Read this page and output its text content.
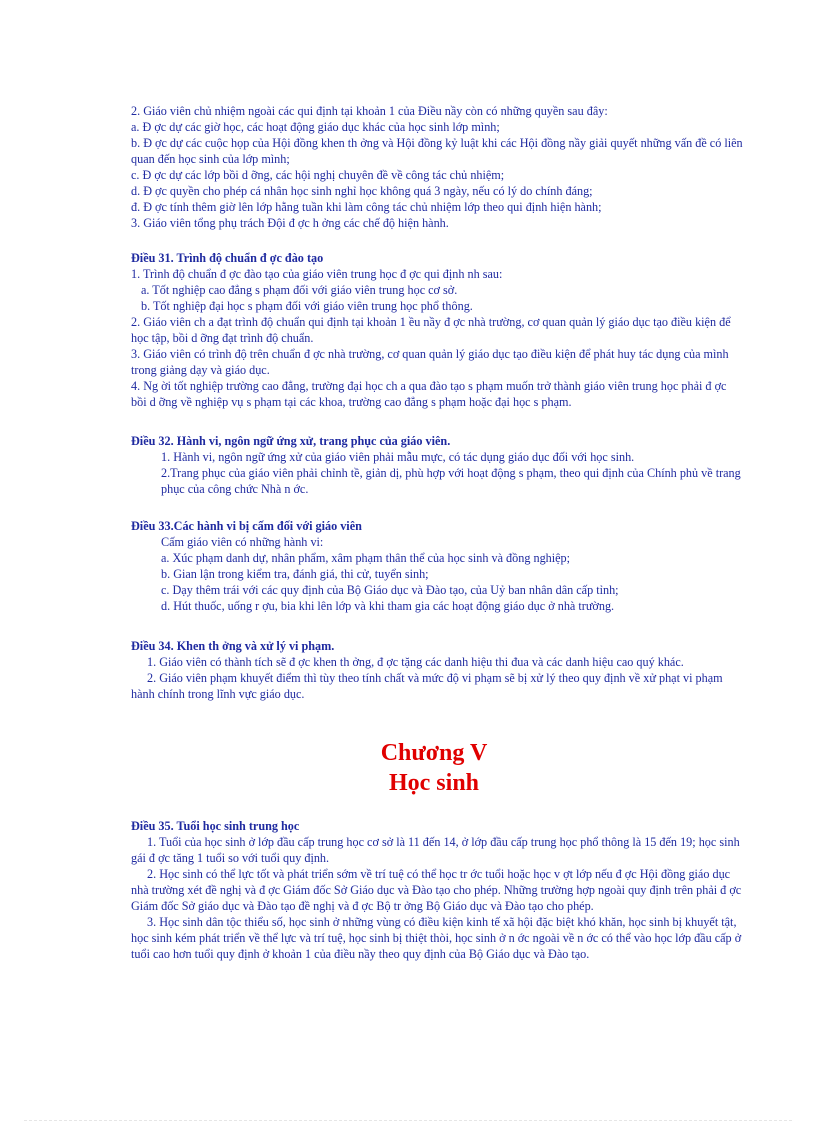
2. Giáo viên chủ nhiệm ngoài các qui định tại khoản 1 của Điều nầy còn có những quyền sau đây:
a. Đ ợc dự các giờ học, các hoạt động giáo dục khác của học sinh lớp mình;
b. Đ ợc dự các cuộc họp của Hội đồng khen th ởng và Hội đồng kỷ luật khi các Hội đồng nầy giải quyết những vấn đề có liên quan đến học sinh của lớp mình;
c. Đ ợc dự các lớp bồi d ỡng, các hội nghị chuyên đề về công tác chủ nhiệm;
d. Đ ợc quyền cho phép cá nhân học sinh nghỉ học không quá 3 ngày, nếu có lý do chính đáng;
đ. Đ ợc tính thêm giờ lên lớp hằng tuần khi làm công tác chủ nhiệm lớp theo qui định hiện hành;
3. Giáo viên tổng phụ trách Đội đ ợc h ởng các chế độ hiện hành.
Điều 31. Trình độ chuẩn đ ợc đào tạo
1. Trình độ chuẩn đ ợc đào tạo của giáo viên trung học đ ợc qui định nh sau:
a. Tốt nghiệp cao đẳng s phạm đối với giáo viên trung học cơ sở.
b. Tốt nghiệp đại học s phạm đối với giáo viên trung học phổ thông.
2. Giáo viên ch a đạt trình độ chuẩn qui định tại khoản 1 ều nầy đ ợc nhà trường, cơ quan quản lý giáo dục tạo điều kiện để học tập, bồi d ỡng đạt trình độ chuẩn.
3. Giáo viên có trình độ trên chuẩn đ ợc nhà trường, cơ quan quản lý giáo dục tạo điều kiện để phát huy tác dụng của mình trong giảng dạy và giáo dục.
4. Ng ời tốt nghiệp trường cao đẳng, trường đại học ch a qua đào tạo s phạm muốn trở thành giáo viên trung học phải đ ợc bồi d ỡng về nghiệp vụ s phạm tại các khoa, trường cao đẳng s phạm hoặc đại học s phạm.
Điều 32. Hành vi, ngôn ngữ ứng xử, trang phục của giáo viên.
1. Hành vi, ngôn ngữ ứng xử của giáo viên phải mẫu mực, có tác dụng giáo dục đối với học sinh.
2.Trang phục của giáo viên phải chỉnh tề, giản dị, phù hợp với hoạt động s phạm, theo qui định của Chính phủ về trang phục của công chức Nhà n ớc.
Điều 33.Các hành vi bị cấm đối với giáo viên
Cấm giáo viên có những hành vi:
a. Xúc phạm danh dự, nhân phẩm, xâm phạm thân thể của học sinh và đồng nghiệp;
b. Gian lận trong kiểm tra, đánh giá, thi cử, tuyển sinh;
c. Dạy thêm trái với các quy định của Bộ Giáo dục và Đào tạo, của Uỷ ban nhân dân cấp tỉnh;
d. Hút thuốc, uống r ợu, bia khi lên lớp và khi tham gia các hoạt động giáo dục ở nhà trường.
Điều 34. Khen th ởng và xử lý vi phạm.
1. Giáo viên có thành tích sẽ đ ợc khen th ởng, đ ợc tặng các danh hiệu thi đua và các danh hiệu cao quý khác.
2. Giáo viên phạm khuyết điểm thì tùy theo tính chất và mức độ vi phạm sẽ bị xử lý theo quy định về xử phạt vi phạm hành chính trong lĩnh vực giáo dục.
Chương V
Học sinh
Điều 35. Tuổi học sinh trung học
1. Tuổi của học sinh ở lớp đầu cấp trung học cơ sở là 11 đến 14, ở lớp đầu cấp trung học phổ thông là 15 đến 19; học sinh gái đ ợc tăng 1 tuổi so với tuổi quy định.
2. Học sinh có thể lực tốt và phát triển sớm về trí tuệ có thể học tr ớc tuổi hoặc học v ợt lớp nếu đ ợc Hội đồng giáo dục nhà trường xét đề nghị và đ ợc Giám đốc Sở Giáo dục và Đào tạo cho phép. Những trường hợp ngoài quy định trên phải đ ợc Giám đốc Sở giáo dục và Đào tạo đề nghị và đ ợc Bộ tr ởng Bộ Giáo dục và Đào tạo cho phép.
3. Học sinh dân tộc thiểu số, học sinh ở những vùng có điều kiện kinh tế xã hội đặc biệt khó khăn, học sinh bị khuyết tật, học sinh kém phát triển về thể lực và trí tuệ, học sinh bị thiệt thòi, học sinh ở n ớc ngoài về n ớc có thể vào học lớp đầu cấp ở tuổi cao hơn tuổi quy định ở khoản 1 của điều nầy theo quy định của Bộ Giáo dục và Đào tạo.
